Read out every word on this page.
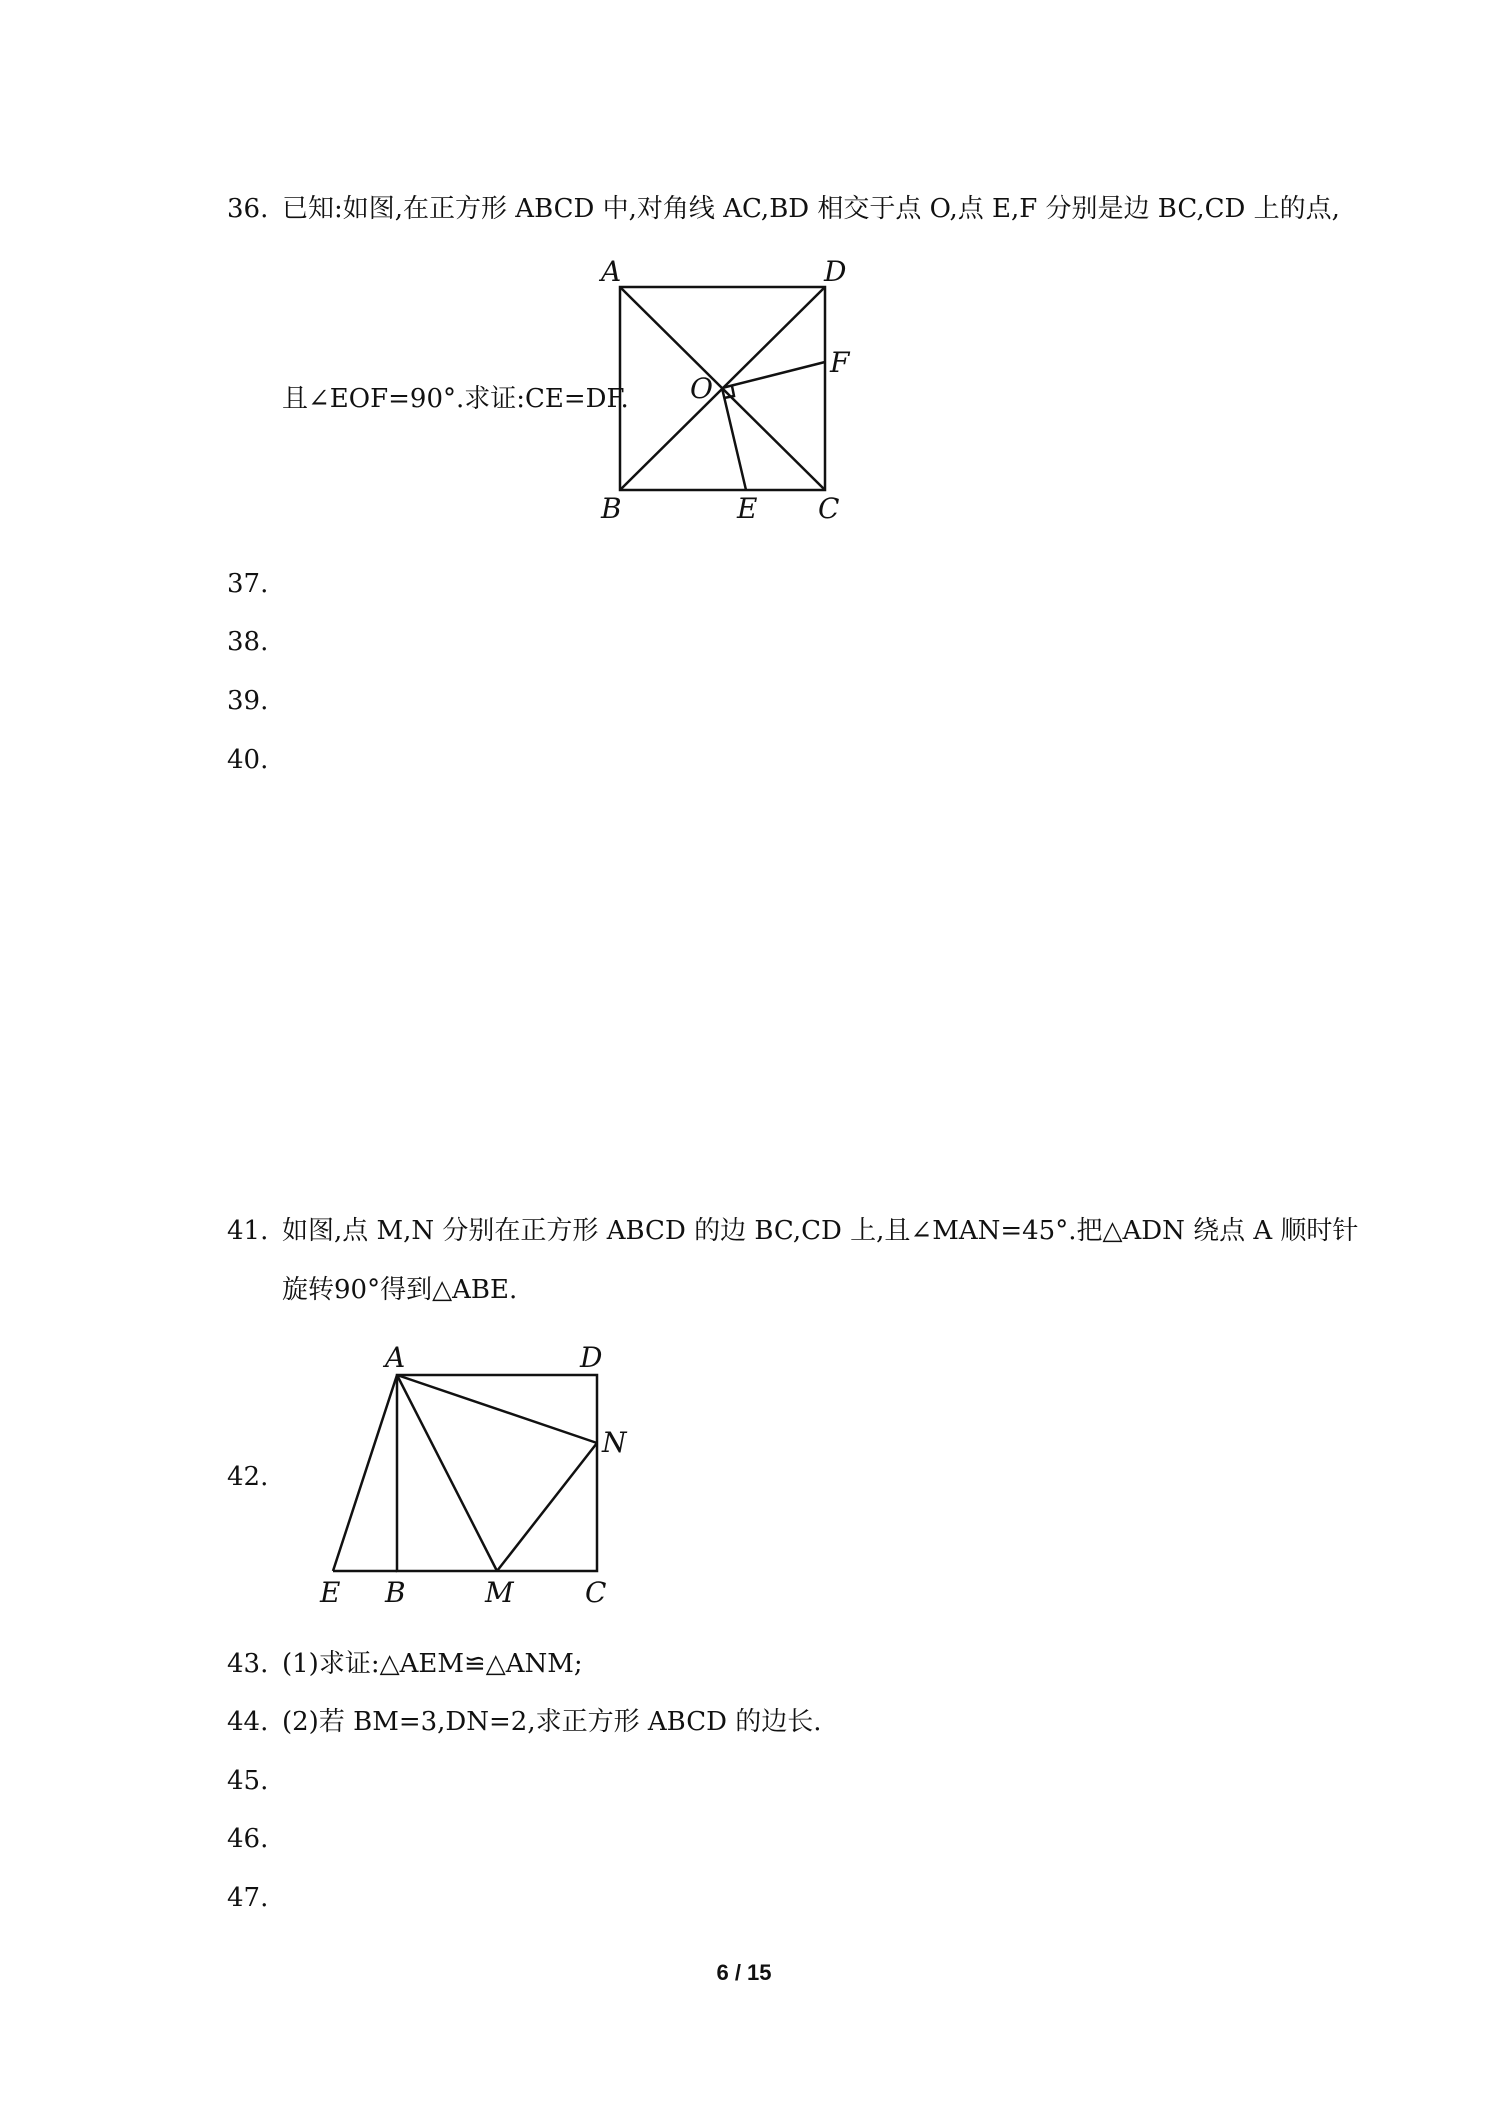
36. 已知:如图,在正方形 ABCD 中,对角线 AC,BD 相交于点 O,点 E,F 分别是边 BC,CD 上的点,
且∠EOF=90°.求证:CE=DF.
A	D
F
O
B	E C
37.
38.
39.
40.
41. 如图,点 M,N 分别在正方形 ABCD 的边 BC,CD 上,且∠MAN=45°.把△ADN 绕点 A 顺时针
旋转90°得到△ABE.
42.
A	D
N
E B	M	C
43. (1)求证:△AEM≌△ANM;
44. (2)若 BM=3,DN=2,求正方形 ABCD 的边长.
45.
46.
47.
6 / 15
